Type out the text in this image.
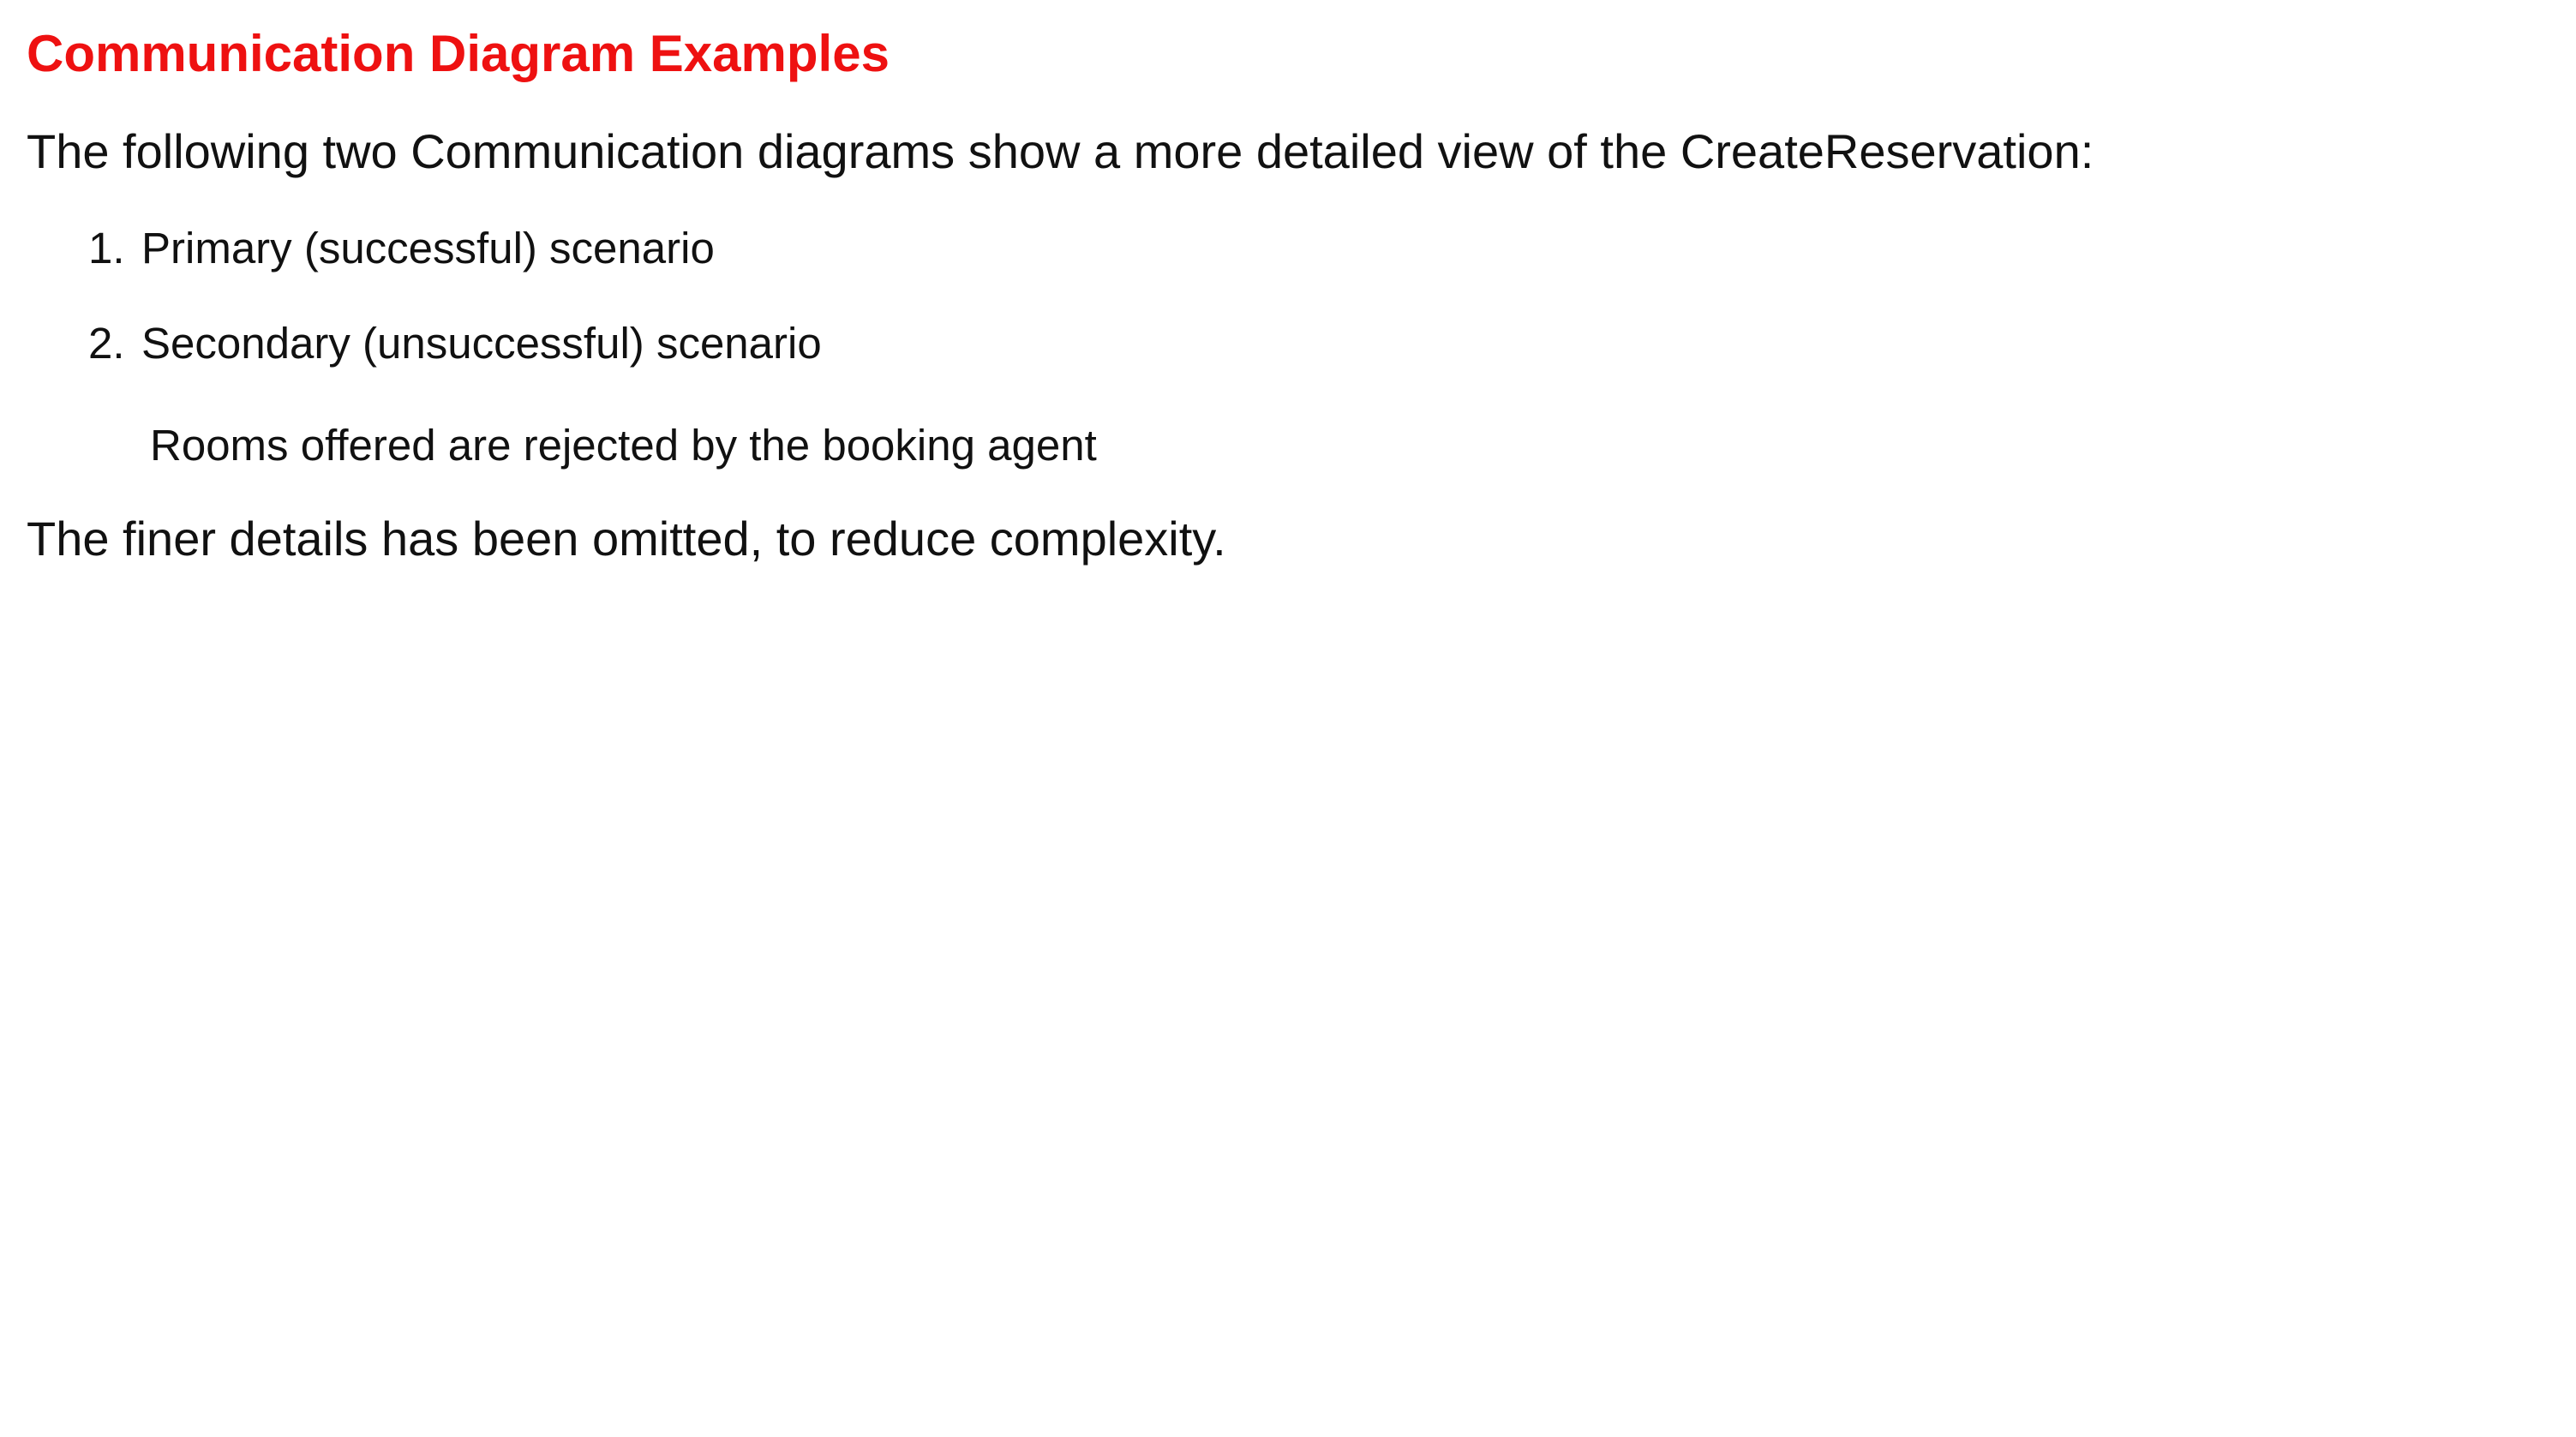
Communication Diagram Examples

The following two Communication diagrams show a more detailed view of the CreateReservation:

1. Primary (successful) scenario
2. Secondary (unsuccessful) scenario

Rooms offered are rejected by the booking agent

The finer details has been omitted, to reduce complexity.
